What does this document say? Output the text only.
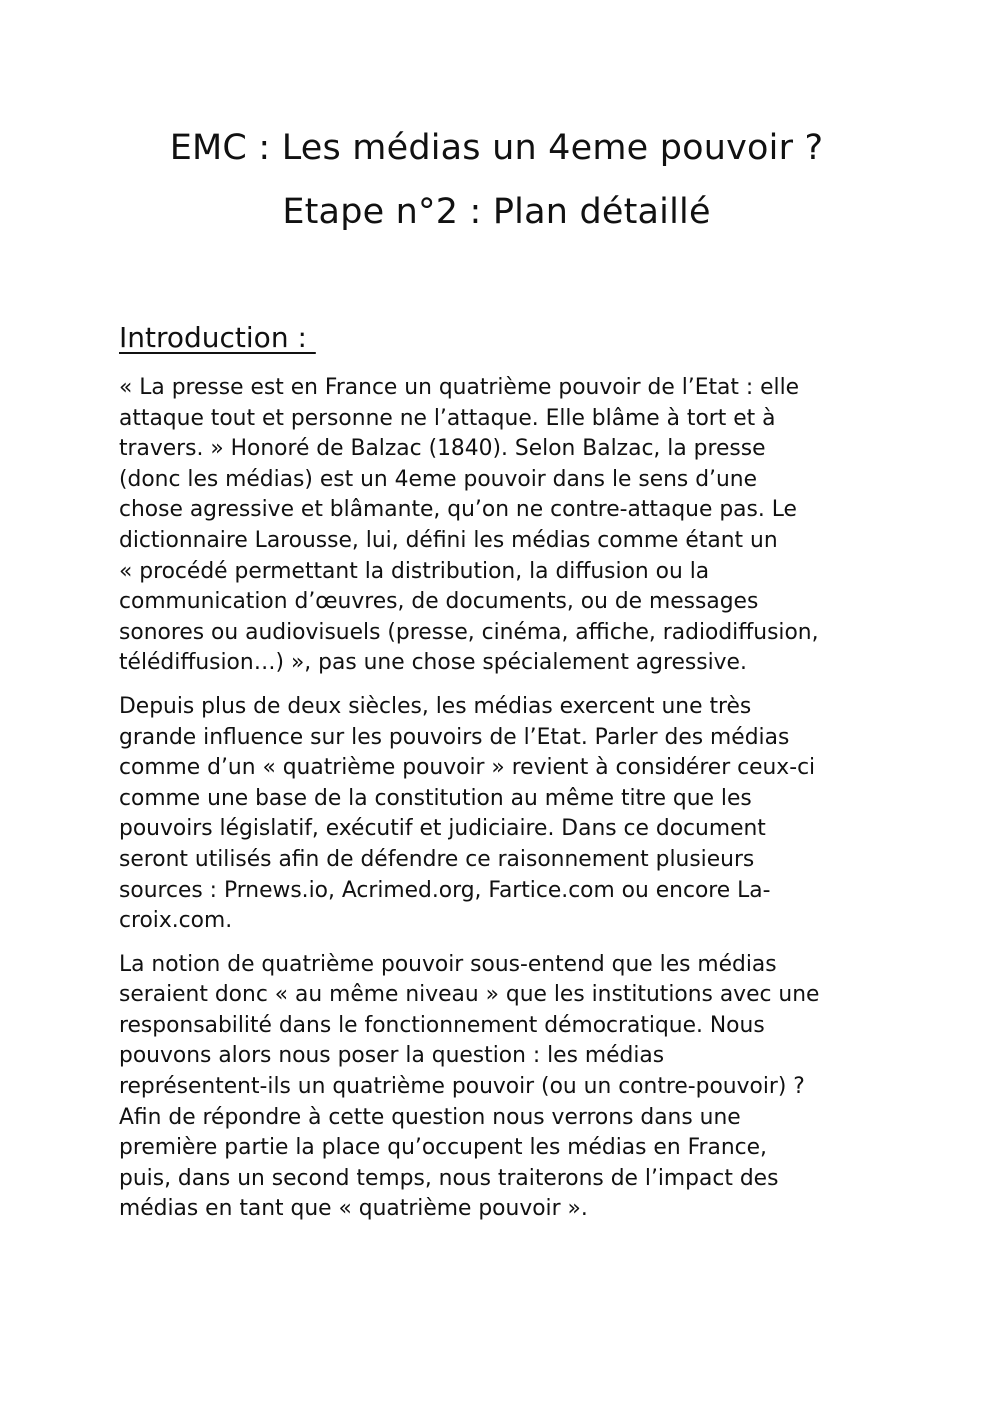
EMC : Les médias un 4eme pouvoir ?
Etape n°2 : Plan détaillé
Introduction :

« La presse est en France un quatrième pouvoir de l’Etat : elle
attaque tout et personne ne l’attaque. Elle blâme à tort et à
travers. » Honoré de Balzac (1840). Selon Balzac, la presse
(donc les médias) est un 4eme pouvoir dans le sens d’une
chose agressive et blâmante, qu’on ne contre-attaque pas. Le
dictionnaire Larousse, lui, défini les médias comme étant un
« procédé permettant la distribution, la diffusion ou la
communication d’œuvres, de documents, ou de messages
sonores ou audiovisuels (presse, cinéma, affiche, radiodiffusion,
télédiffusion…) », pas une chose spécialement agressive.

Depuis plus de deux siècles, les médias exercent une très
grande influence sur les pouvoirs de l’Etat. Parler des médias
comme d’un « quatrième pouvoir » revient à considérer ceux-ci
comme une base de la constitution au même titre que les
pouvoirs législatif, exécutif et judiciaire. Dans ce document
seront utilisés afin de défendre ce raisonnement plusieurs
sources : Prnews.io, Acrimed.org, Fartice.com ou encore La-
croix.com.

La notion de quatrième pouvoir sous-entend que les médias
seraient donc « au même niveau » que les institutions avec une
responsabilité dans le fonctionnement démocratique. Nous
pouvons alors nous poser la question : les médias
représentent-ils un quatrième pouvoir (ou un contre-pouvoir) ?
Afin de répondre à cette question nous verrons dans une
première partie la place qu’occupent les médias en France,
puis, dans un second temps, nous traiterons de l’impact des
médias en tant que « quatrième pouvoir ».
